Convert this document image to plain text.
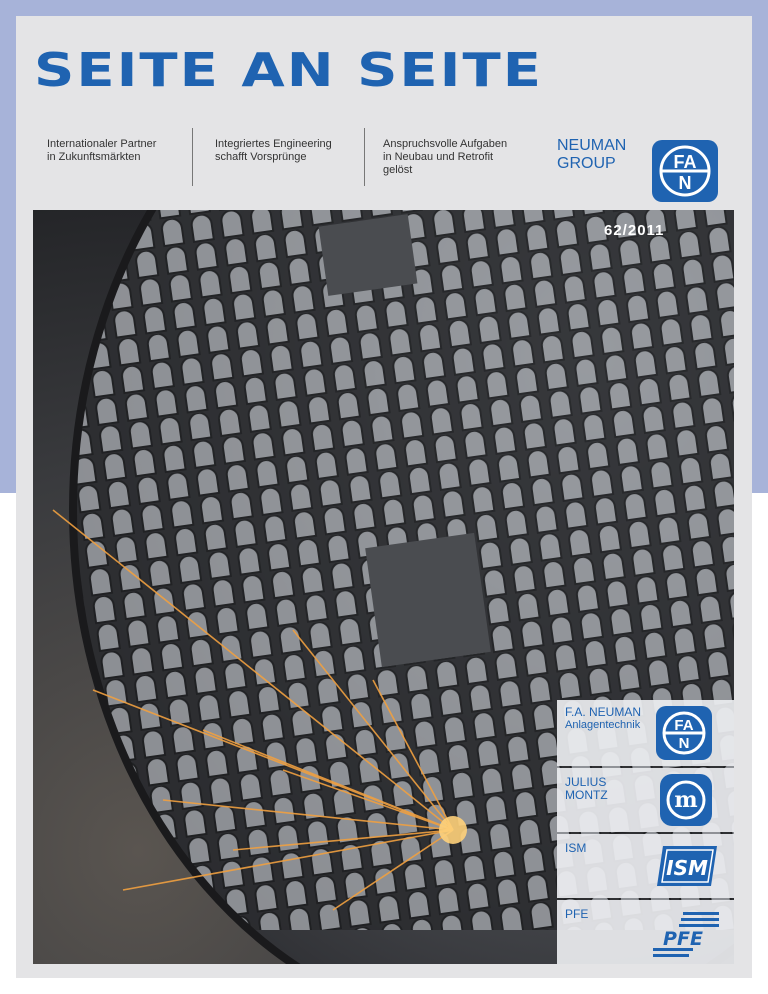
SEITE AN SEITE
Internationaler Partner
in Zukunftsmärkten
Integriertes Engineering
schafft Vorsprünge
Anspruchsvolle Aufgaben
in Neubau und Retrofit
gelöst
NEUMAN
GROUP	FA
N
62/2011
F.A. NEUMAN
Anlagentechnik FA
N
JULIUS
MONTZ	m
ISM
ISM
PFE
PFE
